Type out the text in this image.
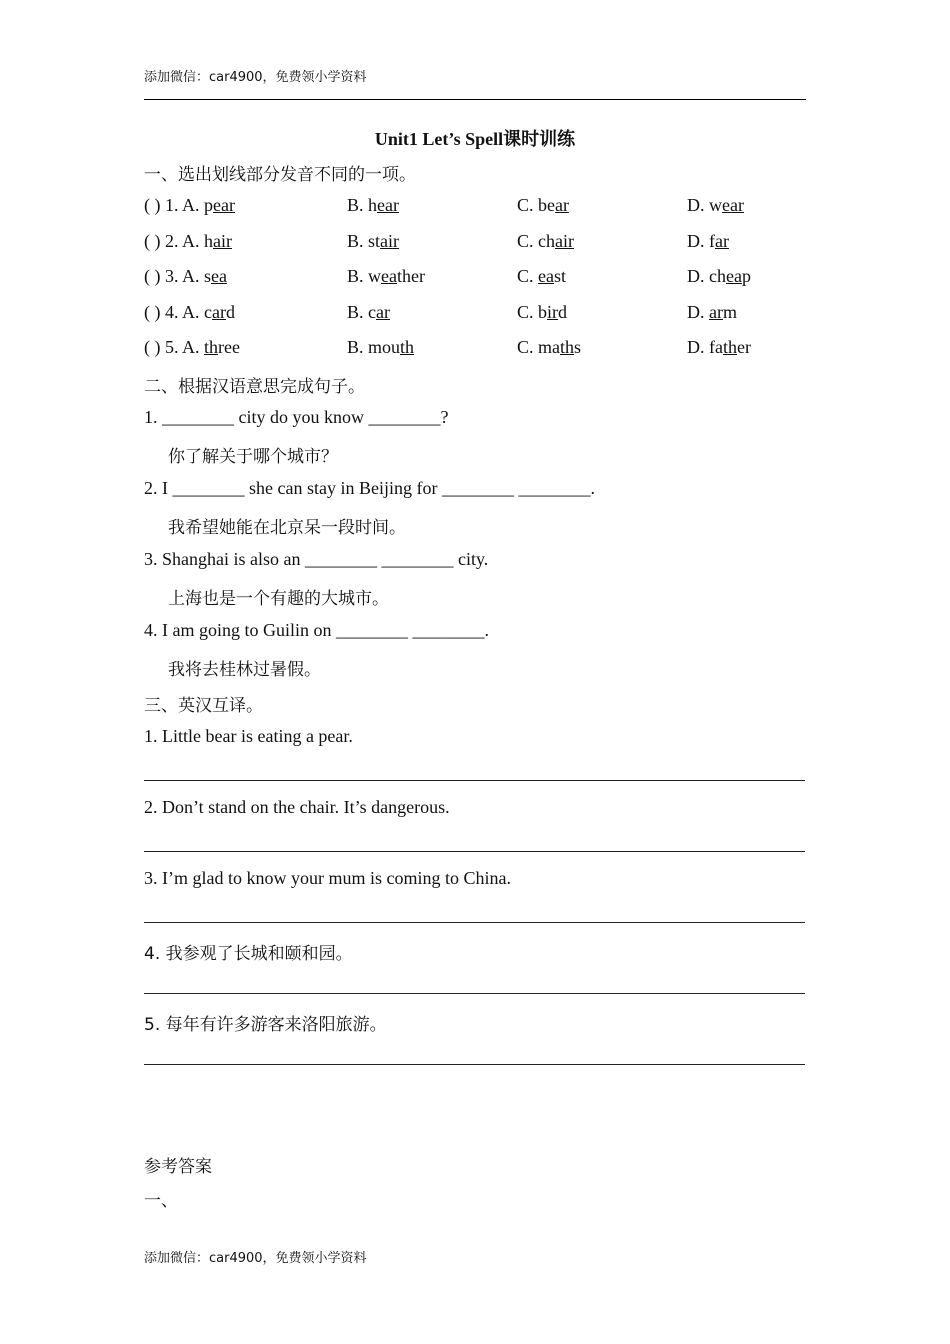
添加微信：car4900，免费领小学资料
Unit1 Let’s Spell课时训练
一、选出划线部分发音不同的一项。
( ) 1. A. pear	B. hear	C. bear	D. wear
( ) 2. A. hair	B. stair	C. chair	D. far
( ) 3. A. sea	B. weather	C. east	D. cheap
( ) 4. A. card	B. car	C. bird	D. arm
( ) 5. A. three	B. mouth	C. maths	D. father
二、根据汉语意思完成句子。
1. ________ city do you know ________?
你了解关于哪个城市？
2. I ________ she can stay in Beijing for ________ ________.
我希望她能在北京呆一段时间。
3. Shanghai is also an ________ ________ city.
上海也是一个有趣的大城市。
4. I am going to Guilin on ________ ________.
我将去桂林过暑假。
三、英汉互译。
1. Little bear is eating a pear.
2. Don’t stand on the chair. It’s dangerous.
3. I’m glad to know your mum is coming to China.
4. 我参观了长城和颐和园。
5. 每年有许多游客来洛阳旅游。
参考答案
一、
添加微信：car4900，免费领小学资料
